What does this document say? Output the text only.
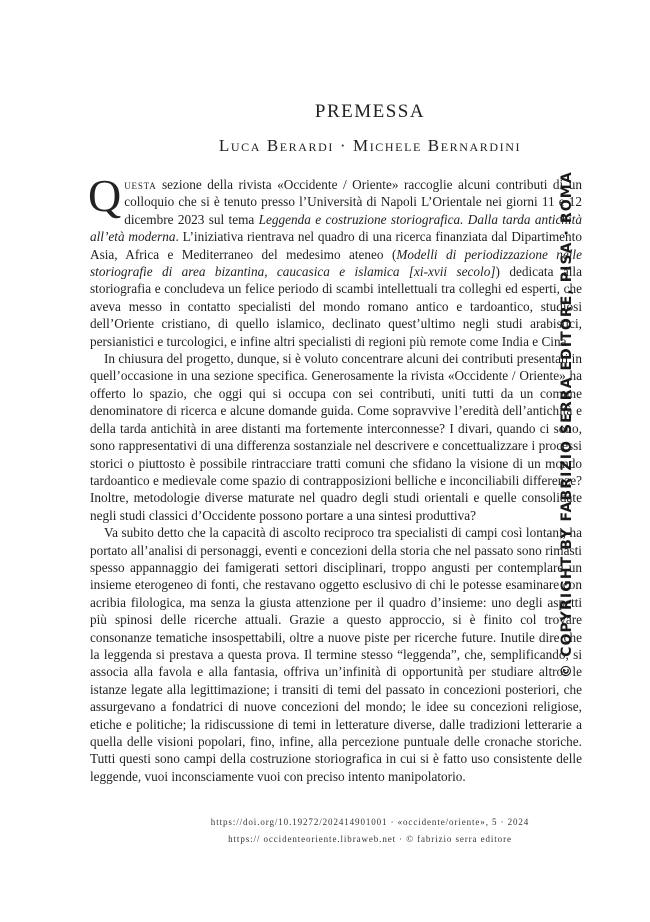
PREMESSA
Luca Berardi · Michele Bernardini

Questa sezione della rivista «Occidente / Oriente» raccoglie alcuni contributi di un colloquio che si è tenuto presso l’Università di Napoli L’Orientale nei giorni 11 e 12 dicembre 2023 sul tema Leggenda e costruzione storiografica. Dalla tarda antichità all’età moderna. L’iniziativa rientrava nel quadro di una ricerca finanziata dal Dipartimento Asia, Africa e Mediterraneo del medesimo ateneo (Modelli di periodizzazione nelle storiografie di area bizantina, caucasica e islamica [xi-xvii secolo]) dedicata alla storiografia e concludeva un felice periodo di scambi intellettuali tra colleghi ed esperti, che aveva messo in contatto specialisti del mondo romano antico e tardoantico, studiosi dell’Oriente cristiano, di quello islamico, declinato quest’ultimo negli studi arabistici, persianistici e turcologici, e infine altri specialisti di regioni più remote come India e Cina.

In chiusura del progetto, dunque, si è voluto concentrare alcuni dei contributi presentati in quell’occasione in una sezione specifica. Generosamente la rivista «Occidente / Oriente» ha offerto lo spazio, che oggi qui si occupa con sei contributi, uniti tutti da un comune denominatore di ricerca e alcune domande guida. Come sopravvive l’eredità dell’antichità e della tarda antichità in aree distanti ma fortemente interconnesse? I divari, quando ci sono, sono rappresentativi di una differenza sostanziale nel descrivere e concettualizzare i processi storici o piuttosto è possibile rintracciare tratti comuni che sfidano la visione di un mondo tardoantico e medievale come spazio di contrapposizioni belliche e inconciliabili differenze? Inoltre, metodologie diverse maturate nel quadro degli studi orientali e quelle consolidate negli studi classici d’Occidente possono portare a una sintesi produttiva?

Va subito detto che la capacità di ascolto reciproco tra specialisti di campi così lontani, ha portato all’analisi di personaggi, eventi e concezioni della storia che nel passato sono rimasti spesso appannaggio dei famigerati settori disciplinari, troppo angusti per contemplare un insieme eterogeneo di fonti, che restavano oggetto esclusivo di chi le potesse esaminare con acribia filologica, ma senza la giusta attenzione per il quadro d’insieme: uno degli aspetti più spinosi delle ricerche attuali. Grazie a questo approccio, si è finito col trovare consonanze tematiche insospettabili, oltre a nuove piste per ricerche future. Inutile dire che la leggenda si prestava a questa prova. Il termine stesso “leggenda”, che, semplificando, si associa alla favola e alla fantasia, offriva un’infinità di opportunità per studiare altro: le istanze legate alla legittimazione; i transiti di temi del passato in concezioni posteriori, che assurgevano a fondatrici di nuove concezioni del mondo; le idee su concezioni religiose, etiche e politiche; la ridiscussione di temi in letterature diverse, dalle tradizioni letterarie a quella delle visioni popolari, fino, infine, alla percezione puntuale delle cronache storiche. Tutti questi sono campi della costruzione storiografica in cui si è fatto uso consistente delle leggende, vuoi inconsciamente vuoi con preciso intento manipolatorio.

https://doi.org/10.19272/202414901001 · «occidente/oriente», 5 · 2024
https:// occidenteoriente.libraweb.net · © fabrizio serra editore
© COPYRIGHT BY FABRIZIO SERRA EDITORE, PISA · ROMA
